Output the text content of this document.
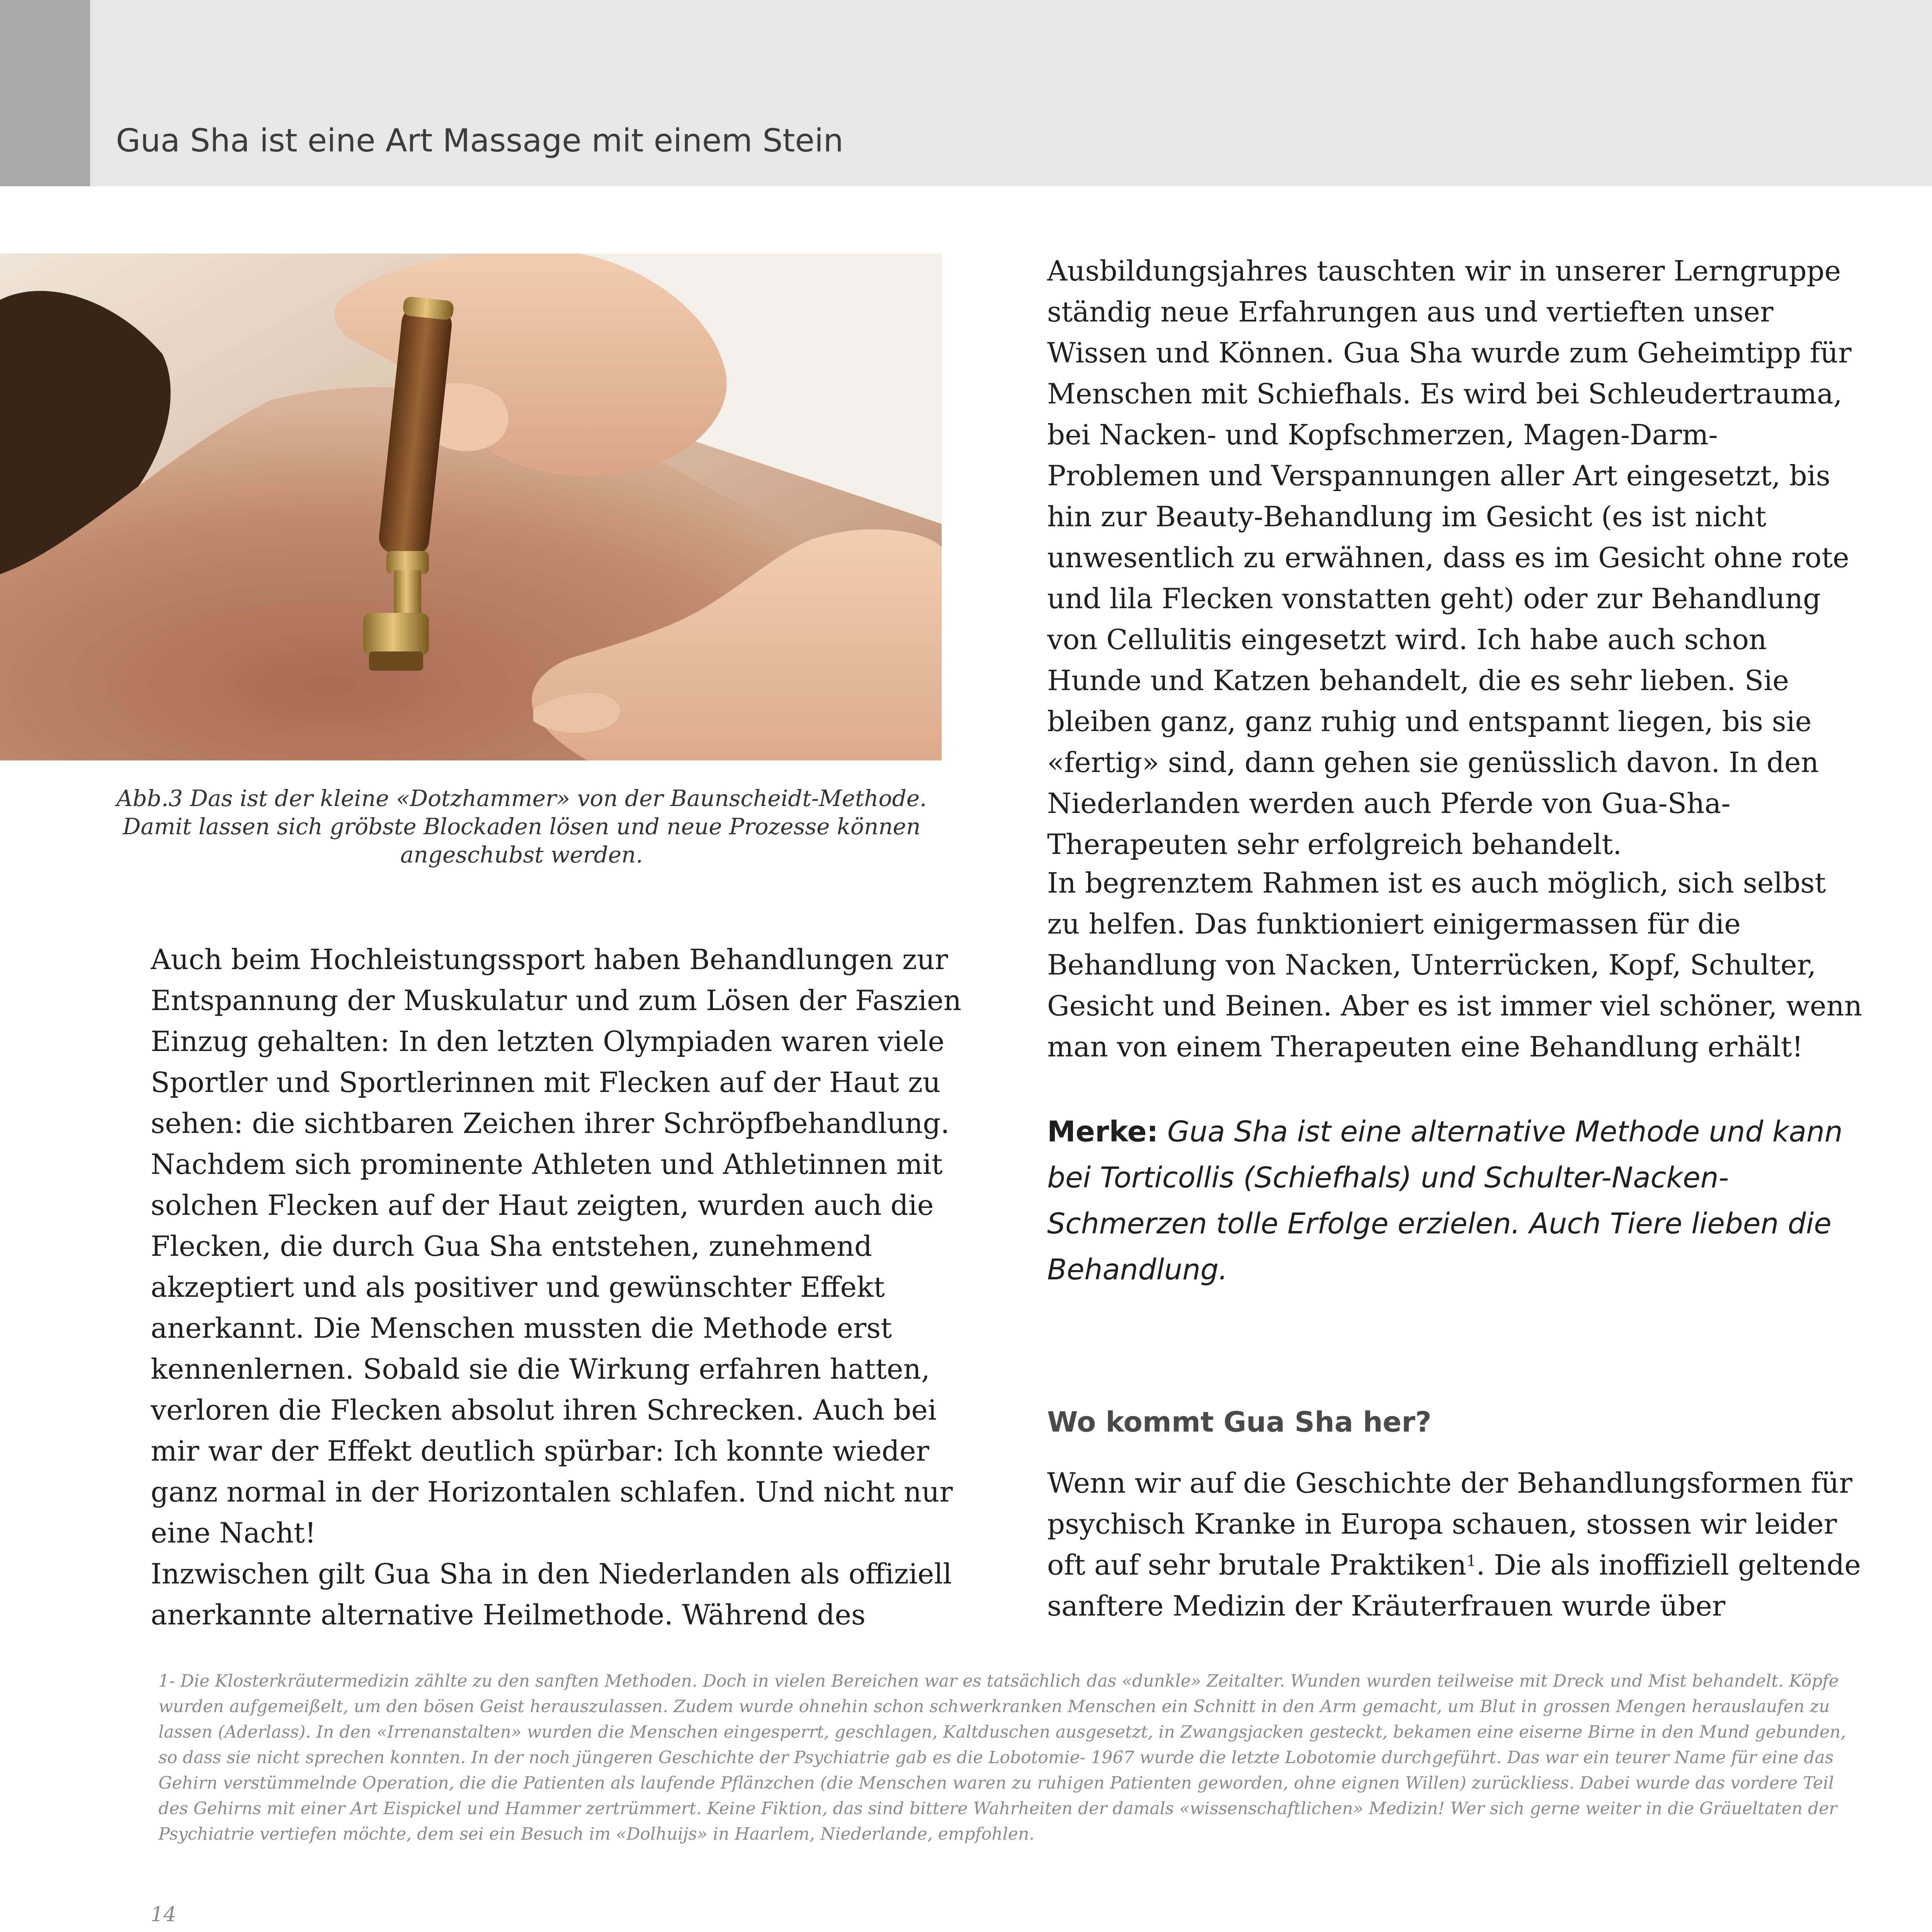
Gua Sha ist eine Art Massage mit einem Stein

Abb.3 Das ist der kleine «Dotzhammer» von der Baunscheidt-Methode. Damit lassen sich gröbste Blockaden lösen und neue Prozesse können angeschubst werden.

Auch beim Hochleistungssport haben Behandlungen zur Entspannung der Muskulatur und zum Lösen der Faszien Einzug gehalten: In den letzten Olympiaden waren viele Sportler und Sportlerinnen mit Flecken auf der Haut zu sehen: die sichtbaren Zeichen ihrer Schröpfbehandlung. Nachdem sich prominente Athleten und Athletinnen mit solchen Flecken auf der Haut zeigten, wurden auch die Flecken, die durch Gua Sha entstehen, zunehmend akzeptiert und als positiver und gewünschter Effekt anerkannt. Die Menschen mussten die Methode erst kennenlernen. Sobald sie die Wirkung erfahren hatten, verloren die Flecken absolut ihren Schrecken. Auch bei mir war der Effekt deutlich spürbar: Ich konnte wieder ganz normal in der Horizontalen schlafen. Und nicht nur eine Nacht!

Inzwischen gilt Gua Sha in den Niederlanden als offiziell anerkannte alternative Heilmethode. Während des

Ausbildungsjahres tauschten wir in unserer Lerngruppe ständig neue Erfahrungen aus und vertieften unser Wissen und Können. Gua Sha wurde zum Geheimtipp für Menschen mit Schiefhals. Es wird bei Schleudertrauma, bei Nacken- und Kopfschmerzen, Magen-Darm-Problemen und Verspannungen aller Art eingesetzt, bis hin zur Beauty-Behandlung im Gesicht (es ist nicht unwesentlich zu erwähnen, dass es im Gesicht ohne rote und lila Flecken vonstatten geht) oder zur Behandlung von Cellulitis eingesetzt wird. Ich habe auch schon Hunde und Katzen behandelt, die es sehr lieben. Sie bleiben ganz, ganz ruhig und entspannt liegen, bis sie «fertig» sind, dann gehen sie genüsslich davon. In den Niederlanden werden auch Pferde von Gua-Sha-Therapeuten sehr erfolgreich behandelt.

In begrenztem Rahmen ist es auch möglich, sich selbst zu helfen. Das funktioniert einigermassen für die Behandlung von Nacken, Unterrücken, Kopf, Schulter, Gesicht und Beinen. Aber es ist immer viel schöner, wenn man von einem Therapeuten eine Behandlung erhält!

Merke: Gua Sha ist eine alternative Methode und kann bei Torticollis (Schiefhals) und Schulter-Nacken-Schmerzen tolle Erfolge erzielen. Auch Tiere lieben die Behandlung.

Wo kommt Gua Sha her?

Wenn wir auf die Geschichte der Behandlungsformen für psychisch Kranke in Europa schauen, stossen wir leider oft auf sehr brutale Praktiken$^1$. Die als inoffiziell geltende sanftere Medizin der Kräuterfrauen wurde über

1- Die Klosterkräutermedizin zählte zu den sanften Methoden. Doch in vielen Bereichen war es tatsächlich das «dunkle» Zeitalter. Wunden wurden teilweise mit Dreck und Mist behandelt. Köpfe wurden aufgemeißelt, um den bösen Geist herauszulassen. Zudem wurde ohnehin schon schwerkranken Menschen ein Schnitt in den Arm gemacht, um Blut in grossen Mengen herauslaufen zu lassen (Aderlass). In den «Irrenanstalten» wurden die Menschen eingesperrt, geschlagen, Kaltduschen ausgesetzt, in Zwangsjacken gesteckt, bekamen eine eiserne Birne in den Mund gebunden, so dass sie nicht sprechen konnten. In der noch jüngeren Geschichte der Psychiatrie gab es die Lobotomie- 1967 wurde die letzte Lobotomie durchgeführt. Das war ein teurer Name für eine das Gehirn verstümmelnde Operation, die die Patienten als laufende Pflänzchen (die Menschen waren zu ruhigen Patienten geworden, ohne eignen Willen) zurückliess. Dabei wurde das vordere Teil des Gehirns mit einer Art Eispickel und Hammer zertrümmert. Keine Fiktion, das sind bittere Wahrheiten der damals «wissenschaftlichen» Medizin! Wer sich gerne weiter in die Gräueltaten der Psychiatrie vertiefen möchte, dem sei ein Besuch im «Dolhuijs» in Haarlem, Niederlande, empfohlen.

14
